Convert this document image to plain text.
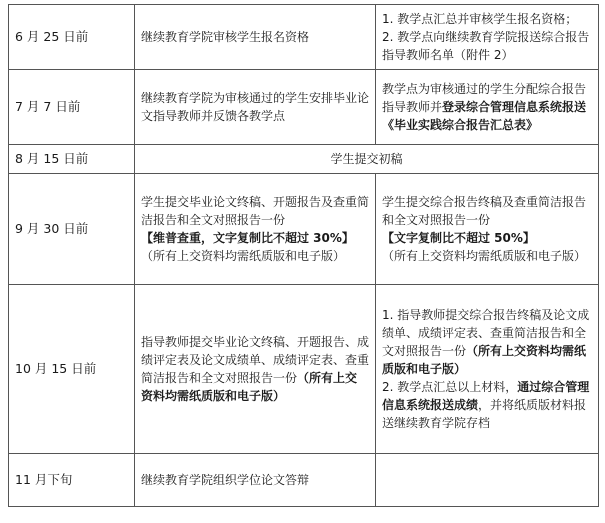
6 月 25 日前	继续教育学院审核学生报名资格	1. 教学点汇总并审核学生报名资格；
2. 教学点向继续教育学院报送综合报告指导教师名单（附件 2）

7 月 7 日前	继续教育学院为审核通过的学生安排毕业论文指导教师并反馈各教学点	教学点为审核通过的学生分配综合报告指导教师并登录综合管理信息系统报送《毕业实践综合报告汇总表》
8 月 15 日前	学生提交初稿	
9 月 30 日前	学生提交毕业论文终稿、开题报告及查重简洁报告和全文对照报告一份
【维普查重，文字复制比不超过 30%】
（所有上交资料均需纸质版和电子版）	学生提交综合报告终稿及查重简洁报告和全文对照报告一份
【文字复制比不超过 50%】
（所有上交资料均需纸质版和电子版）

10 月 15 日前	指导教师提交毕业论文终稿、开题报告、成绩评定表及论文成绩单、成绩评定表、查重简洁报告和全文对照报告一份（所有上交资料均需纸质版和电子版）	1. 指导教师提交综合报告终稿及论文成绩单、成绩评定表、查重简洁报告和全文对照报告一份（所有上交资料均需纸质版和电子版）
2. 教学点汇总以上材料，通过综合管理信息系统报送成绩，并将纸质版材料报送继续教育学院存档

11 月下旬	继续教育学院组织学位论文答辩	
